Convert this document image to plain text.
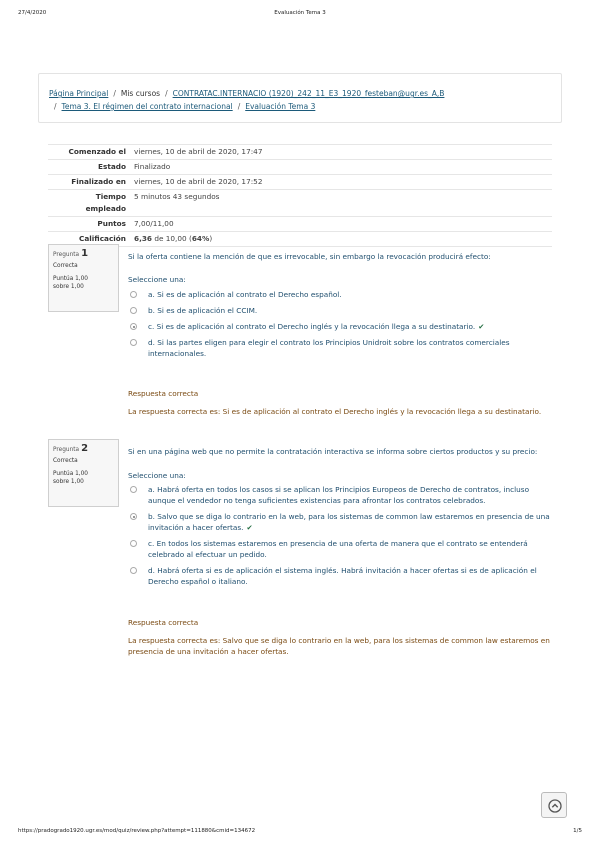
27/4/2020	Evaluación Tema 3
Página Principal / Mis cursos / CONTRATAC.INTERNACIO (1920)_242_11_E3_1920_festeban@ugr.es_A,B
/ Tema 3. El régimen del contrato internacional / Evaluación Tema 3
Comenzado el	viernes, 10 de abril de 2020, 17:47
Estado	Finalizado
Finalizado en	viernes, 10 de abril de 2020, 17:52
Tiempo
empleado	5 minutos 43 segundos
Puntos	7,00/11,00
Calificación	6,36 de 10,00 (64%)
Pregunta 1
Correcta
Puntúa 1,00
sobre 1,00
Si la oferta contiene la mención de que es irrevocable, sin embargo la revocación producirá efecto:
Seleccione una:
a. Si es de aplicación al contrato el Derecho español.
b. Si es de aplicación el CCIM.
c. Si es de aplicación al contrato el Derecho inglés y la revocación llega a su destinatario. ✔
d. Si las partes eligen para elegir el contrato los Principios Unidroit sobre los contratos comerciales internacionales.
Respuesta correcta
La respuesta correcta es: Si es de aplicación al contrato el Derecho inglés y la revocación llega a su destinatario.
Pregunta 2
Correcta
Puntúa 1,00
sobre 1,00
Si en una página web que no permite la contratación interactiva se informa sobre ciertos productos y su precio:
Seleccione una:
a. Habrá oferta en todos los casos si se aplican los Principios Europeos de Derecho de contratos, incluso aunque el vendedor no tenga suficientes existencias para afrontar los contratos celebrados.
b. Salvo que se diga lo contrario en la web, para los sistemas de common law estaremos en presencia de una invitación a hacer ofertas. ✔
c. En todos los sistemas estaremos en presencia de una oferta de manera que el contrato se entenderá celebrado al efectuar un pedido.
d. Habrá oferta si es de aplicación el sistema inglés. Habrá invitación a hacer ofertas si es de aplicación el Derecho español o italiano.
Respuesta correcta
La respuesta correcta es: Salvo que se diga lo contrario en la web, para los sistemas de common law estaremos en presencia de una invitación a hacer ofertas.
https://pradogrado1920.ugr.es/mod/quiz/review.php?attempt=111880&cmid=134672	1/5
